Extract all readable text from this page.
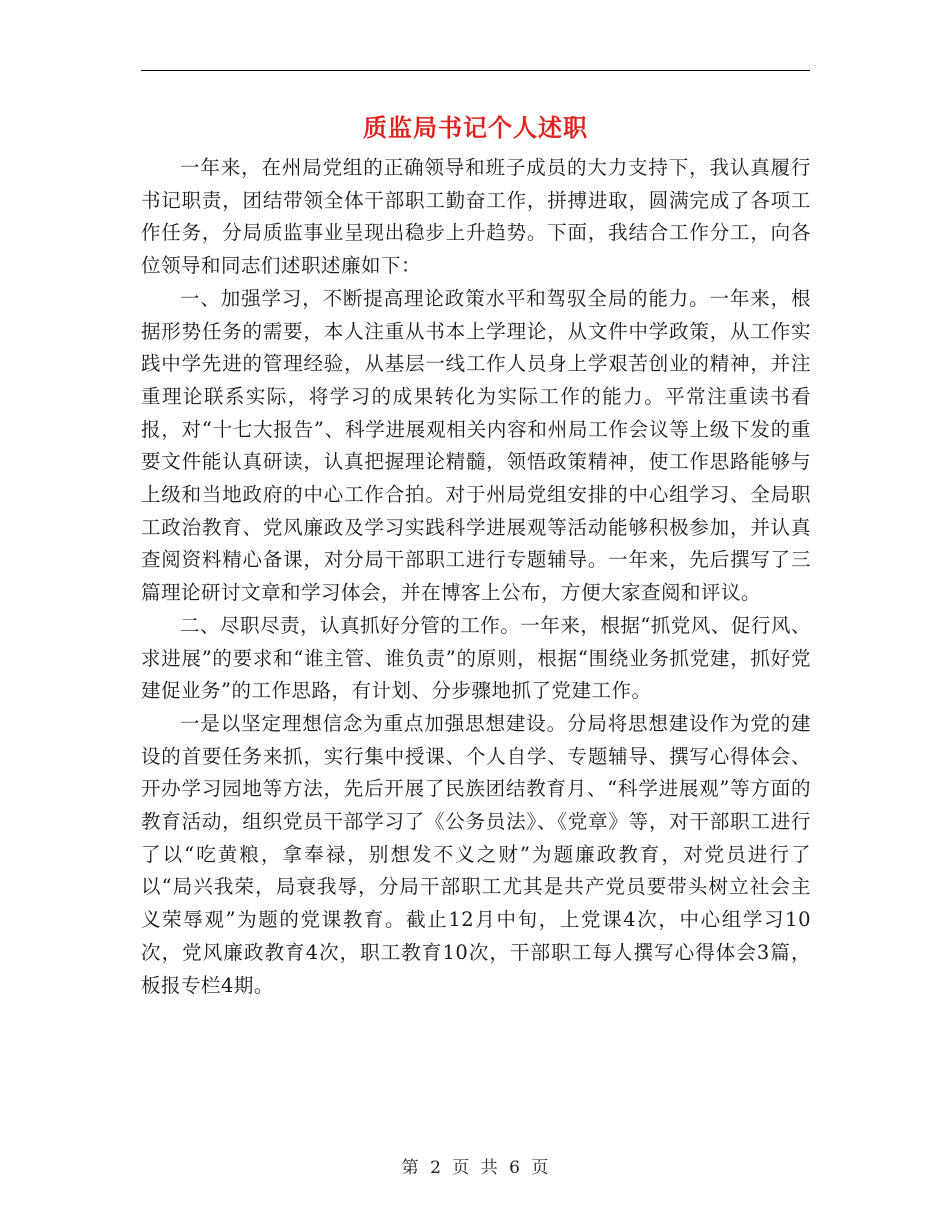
质监局书记个人述职

一年来，在州局党组的正确领导和班子成员的大力支持下，我认真履行书记职责，团结带领全体干部职工勤奋工作，拼搏进取，圆满完成了各项工作任务，分局质监事业呈现出稳步上升趋势。下面，我结合工作分工，向各位领导和同志们述职述廉如下：

一、加强学习，不断提高理论政策水平和驾驭全局的能力。一年来，根据形势任务的需要，本人注重从书本上学理论，从文件中学政策，从工作实践中学先进的管理经验，从基层一线工作人员身上学艰苦创业的精神，并注重理论联系实际，将学习的成果转化为实际工作的能力。平常注重读书看报，对“十七大报告”、科学进展观相关内容和州局工作会议等上级下发的重要文件能认真研读，认真把握理论精髓，领悟政策精神，使工作思路能够与上级和当地政府的中心工作合拍。对于州局党组安排的中心组学习、全局职工政治教育、党风廉政及学习实践科学进展观等活动能够积极参加，并认真查阅资料精心备课，对分局干部职工进行专题辅导。一年来，先后撰写了三篇理论研讨文章和学习体会，并在博客上公布，方便大家查阅和评议。

二、尽职尽责，认真抓好分管的工作。一年来，根据“抓党风、促行风、求进展”的要求和“谁主管、谁负责”的原则，根据“围绕业务抓党建，抓好党建促业务”的工作思路，有计划、分步骤地抓了党建工作。

一是以坚定理想信念为重点加强思想建设。分局将思想建设作为党的建设的首要任务来抓，实行集中授课、个人自学、专题辅导、撰写心得体会、开办学习园地等方法，先后开展了民族团结教育月、“科学进展观”等方面的教育活动，组织党员干部学习了《公务员法》、《党章》等，对干部职工进行了以“吃黄粮，拿奉禄，别想发不义之财”为题廉政教育，对党员进行了以“局兴我荣，局衰我辱，分局干部职工尤其是共产党员要带头树立社会主义荣辱观”为题的党课教育。截止12月中旬，上党课4次，中心组学习10次，党风廉政教育4次，职工教育10次，干部职工每人撰写心得体会3篇，板报专栏4期。

第 2 页 共 6 页
